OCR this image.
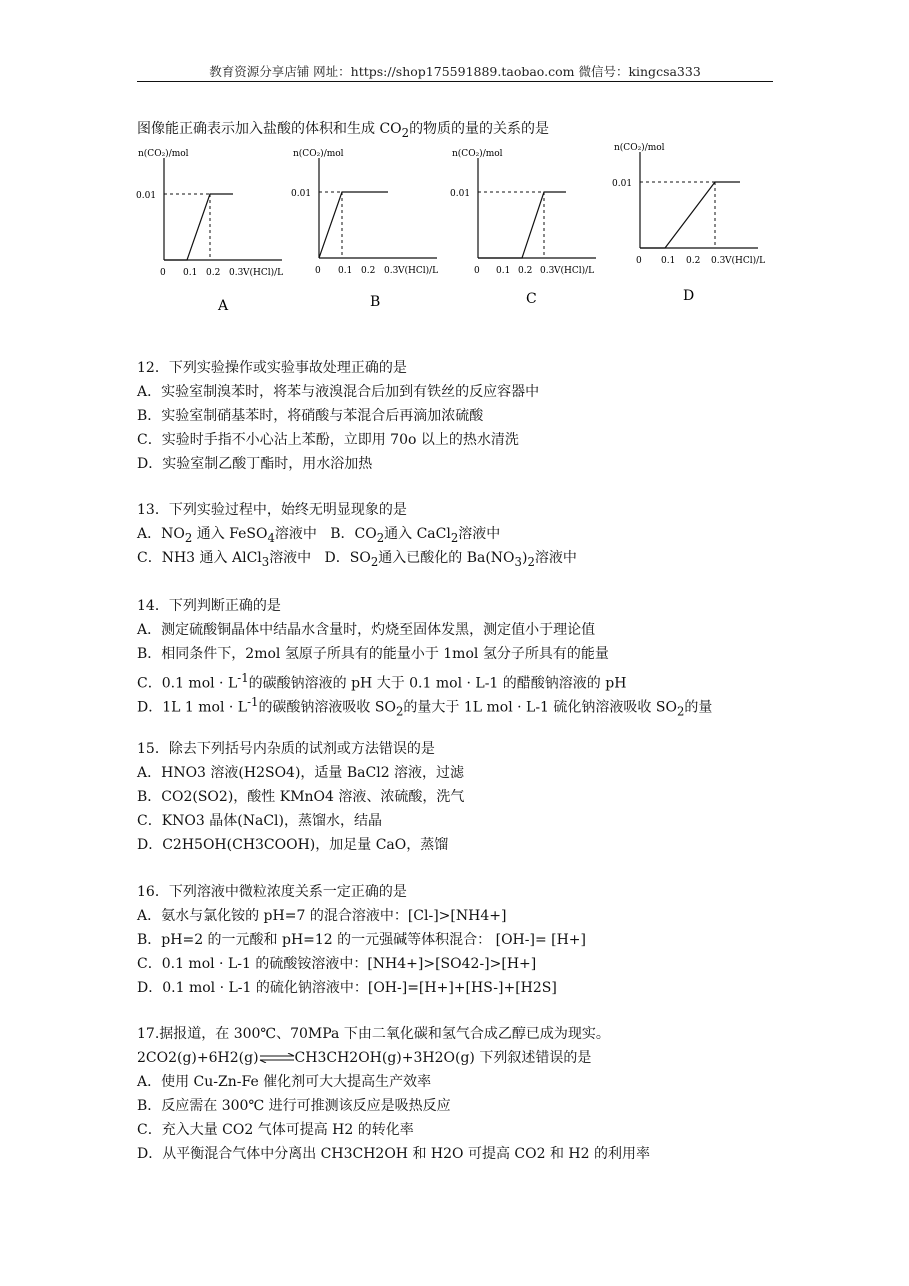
教育资源分享店铺 网址：https://shop175591889.taobao.com 微信号：kingcsa333
图像能正确表示加入盐酸的体积和生成 $CO_2$的物质的量的关系的是
n(CO₂)/mol
0.01
0 0.1 0.2 0.3 V(HCl)/L
A
n(CO₂)/mol
0.01
0 0.1 0.2 0.3 V(HCl)/L
B
n(CO₂)/mol
0.01
0 0.1 0.2 0.3 V(HCl)/L
C
n(CO₂)/mol
0.01
0 0.1 0.2 0.3 V(HCl)/L
D
12．下列实验操作或实验事故处理正确的是
A．实验室制溴苯时，将苯与液溴混合后加到有铁丝的反应容器中
B．实验室制硝基苯时，将硝酸与苯混合后再滴加浓硫酸
C．实验时手指不小心沾上苯酚，立即用 70o 以上的热水清洗
D．实验室制乙酸丁酯时，用水浴加热
13．下列实验过程中，始终无明显现象的是
A．$NO_2$ 通入 FeSO$_4$溶液中   B．$CO_2$通入 CaCl$_2$溶液中
C．NH3 通入 AlCl$_3$溶液中   D．$SO_2$通入已酸化的 $Ba(NO_3)_2$溶液中
14．下列判断正确的是
A．测定硫酸铜晶体中结晶水含量时，灼烧至固体发黑，测定值小于理论值
B．相同条件下，2mol 氢原子所具有的能量小于 1mol 氢分子所具有的能量
C．0.1 mol · $L^{-1}$的碳酸钠溶液的 pH 大于 0.1 mol · L-1 的醋酸钠溶液的 pH
D．1L 1 mol · $L^{-1}$的碳酸钠溶液吸收 $SO_2$的量大于 1L mol · L-1 硫化钠溶液吸收 $SO_2$的量
15．除去下列括号内杂质的试剂或方法错误的是
A．HNO3 溶液(H2SO4)，适量 BaCl2 溶液，过滤
B．CO2(SO2)，酸性 KMnO4 溶液、浓硫酸，洗气
C．KNO3 晶体(NaCl)，蒸馏水，结晶
D．C2H5OH(CH3COOH)，加足量 CaO，蒸馏
16．下列溶液中微粒浓度关系一定正确的是
A．氨水与氯化铵的 pH=7 的混合溶液中：[Cl-]>[NH4+]
B．pH=2 的一元酸和 pH=12 的一元强碱等体积混合： [OH-]= [H+]
C．0.1 mol · L-1 的硫酸铵溶液中：[NH4+]>[SO42-]>[H+]
D．0.1 mol · L-1 的硫化钠溶液中：[OH-]=[H+]+[HS-]+[H2S]
17.据报道，在 300℃、70MPa 下由二氧化碳和氢气合成乙醇已成为现实。
2CO2(g)+6H2(g)⇌CH3CH2OH(g)+3H2O(g) 下列叙述错误的是
A．使用 Cu-Zn-Fe 催化剂可大大提高生产效率
B．反应需在 300℃ 进行可推测该反应是吸热反应
C．充入大量 CO2 气体可提高 H2 的转化率
D．从平衡混合气体中分离出 CH3CH2OH 和 H2O 可提高 CO2 和 H2 的利用率
